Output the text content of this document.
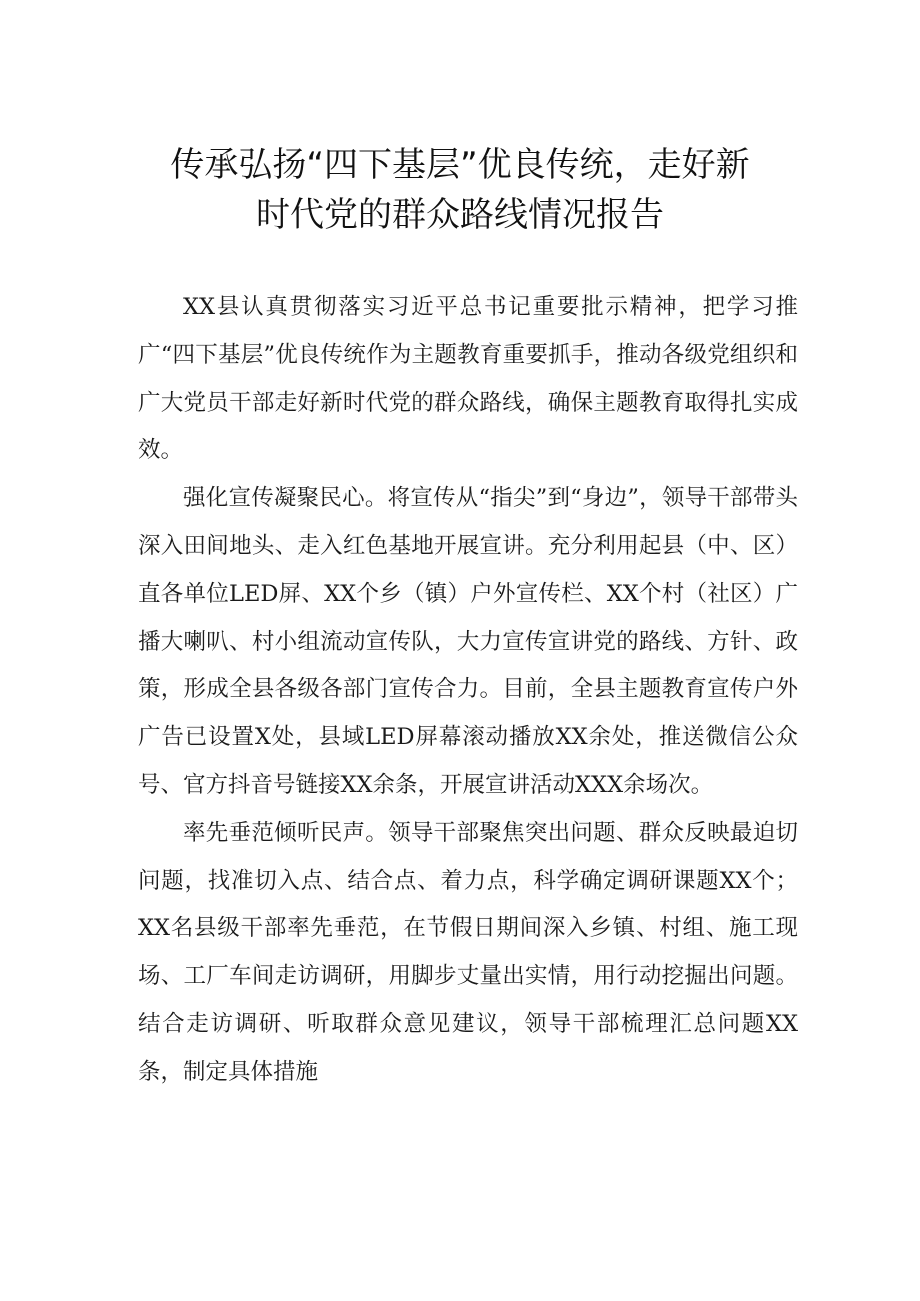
传承弘扬“四下基层”优良传统，走好新
时代党的群众路线情况报告

XX县认真贯彻落实习近平总书记重要批示精神，把学习推广“四下基层”优良传统作为主题教育重要抓手，推动各级党组织和广大党员干部走好新时代党的群众路线，确保主题教育取得扎实成效。

强化宣传凝聚民心。将宣传从“指尖”到“身边”，领导干部带头深入田间地头、走入红色基地开展宣讲。充分利用起县（中、区）直各单位LED屏、XX个乡（镇）户外宣传栏、XX个村（社区）广播大喇叭、村小组流动宣传队，大力宣传宣讲党的路线、方针、政策，形成全县各级各部门宣传合力。目前，全县主题教育宣传户外广告已设置X处，县域LED屏幕滚动播放XX余处，推送微信公众号、官方抖音号链接XX余条，开展宣讲活动XXX余场次。

率先垂范倾听民声。领导干部聚焦突出问题、群众反映最迫切问题，找准切入点、结合点、着力点，科学确定调研课题XX个；XX名县级干部率先垂范，在节假日期间深入乡镇、村组、施工现场、工厂车间走访调研，用脚步丈量出实情，用行动挖掘出问题。结合走访调研、听取群众意见建议，领导干部梳理汇总问题XX条，制定具体措施
